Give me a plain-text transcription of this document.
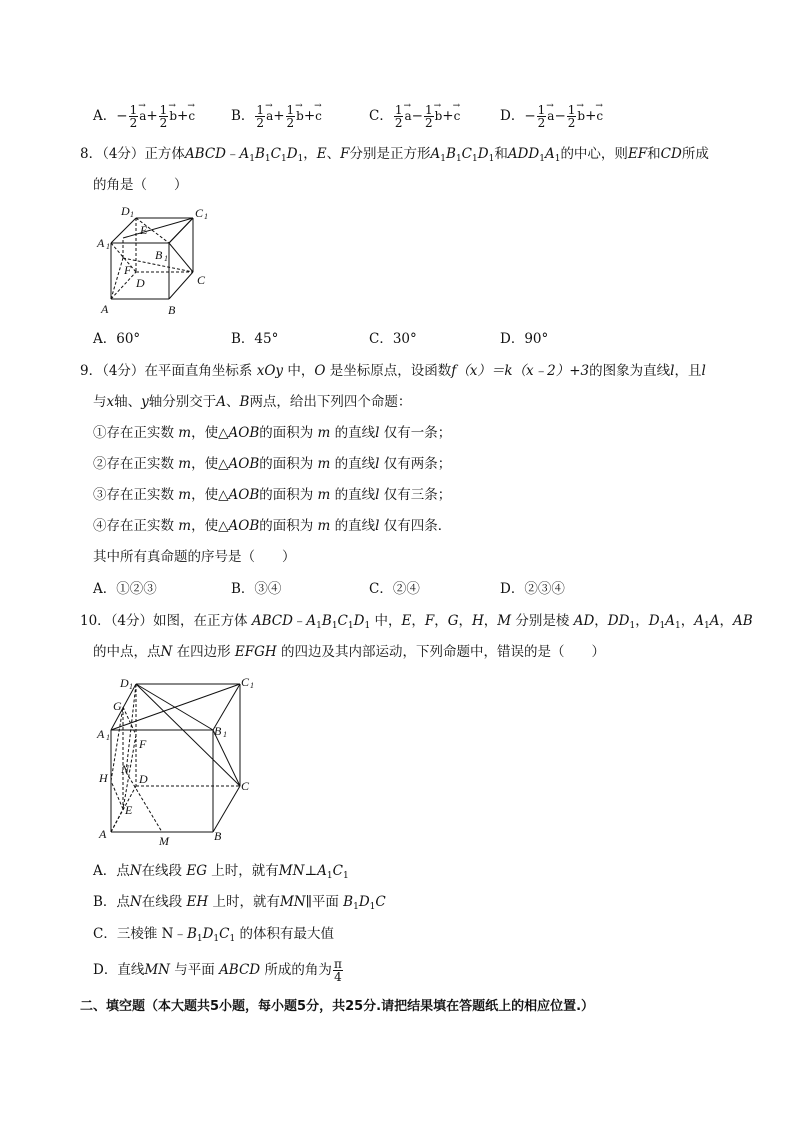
A．− $\frac{1}{2}$
→ $a+ \frac{1}{2}$
→ b+→ c	B． $\frac{1}{2}$
→ $a+ \frac{1}{2}$
→ b+→ c	C． $\frac{1}{2}$
→ $a- \frac{1}{2}$
→ b+→ c	D．− $\frac{1}{2}$
→ $a- \frac{1}{2}$
→ b+→ c
8．（4分）正方体$ABCD﹣A_1B_1C_1D_1$，E、F分别是正方形$A_1B_1C_1D_1$和$ADD_1A_1$的中心，则EF和CD所成
的角是（　　）
D 1	C 1
A 1
E
B 1
F
D	C
A	B
A．60°	B．45°	C．30°	D．90°
9．（4分）在平面直角坐标系 xOy 中，O 是坐标原点，设函数f（x）＝k（x﹣2）+3的图象为直线l，且l
与x轴、y轴分别交于A、B两点，给出下列四个命题：
①存在正实数 m，使△AOB的面积为 m 的直线l 仅有一条；
②存在正实数 m，使△AOB的面积为 m 的直线l 仅有两条；
③存在正实数 m，使△AOB的面积为 m 的直线l 仅有三条；
④存在正实数 m，使△AOB的面积为 m 的直线l 仅有四条．
其中所有真命题的序号是（　　）
A．①②③	B．③④	C．②④	D．②③④
10．（4分）如图，在正方体 $ABCD﹣A_1B_1C_1D_1$ 中，E，F，G，H，M 分别是棱 AD，$DD_1$，$D_1A_1$，$A_1A$，AB
的中点，点N 在四边形 EFGH 的四边及其内部运动，下列命题中，错误的是（　　）
D 1	C 1
G
A 1	B 1
F
N
H	D	C
E
A	M	B
A．点N在线段 EG 上时，就有$MN\perp A_1C_1$
B．点N在线段 EH 上时，就有MN∥平面 $B_1D_1C$
C．三棱锥 $N﹣B_1D_1C_1$ 的体积有最大值
D．直线MN 与平面 ABCD 所成的角为 $\frac{\pi}{4}$
二、填空题（本大题共5小题，每小题5分，共25分.请把结果填在答题纸上的相应位置.）
